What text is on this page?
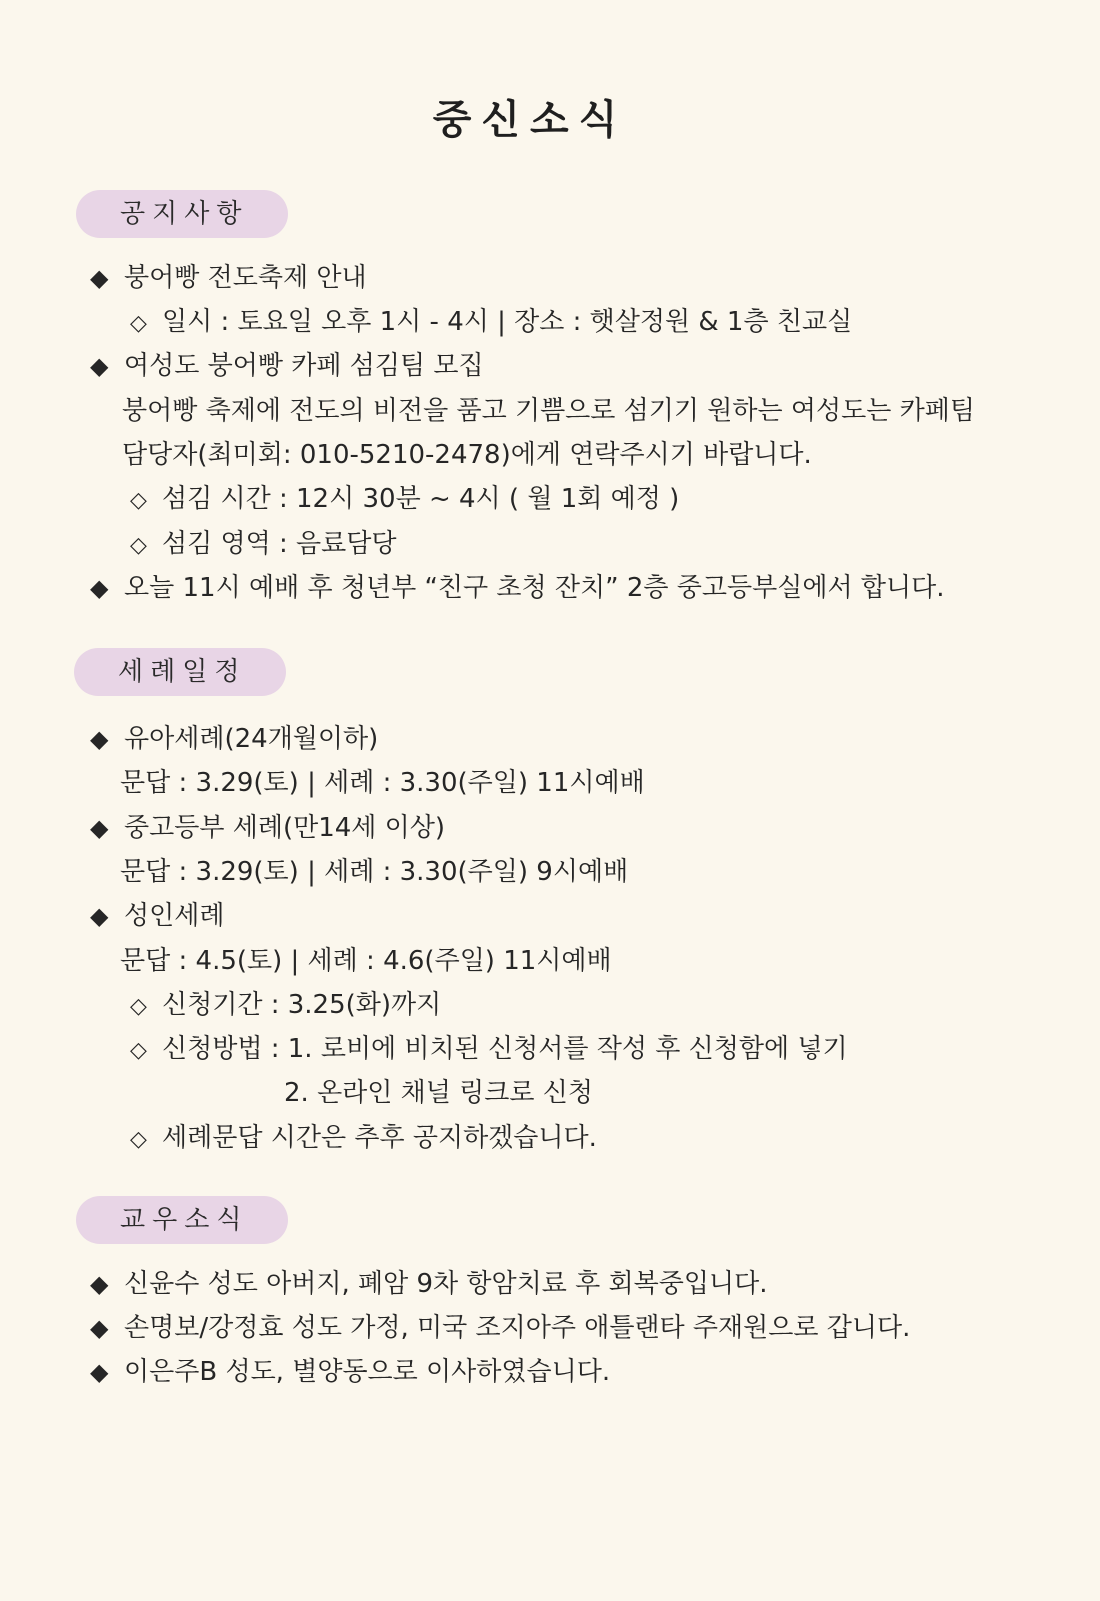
중신소식
공지사항
◆ 붕어빵 전도축제 안내
◇ 일시 : 토요일 오후 1시 - 4시 | 장소 : 햇살정원 & 1층 친교실
◆ 여성도 붕어빵 카페 섬김팀 모집
붕어빵 축제에 전도의 비전을 품고 기쁨으로 섬기기 원하는 여성도는 카페팀
담당자(최미회: 010-5210-2478)에게 연락주시기 바랍니다.
◇ 섬김 시간 : 12시 30분 ~ 4시 ( 월 1회 예정 )
◇ 섬김 영역 : 음료담당
◆ 오늘 11시 예배 후 청년부 “친구 초청 잔치” 2층 중고등부실에서 합니다.
세례일정
◆ 유아세례(24개월이하)
문답 : 3.29(토) | 세례 : 3.30(주일) 11시예배
◆ 중고등부 세례(만14세 이상)
문답 : 3.29(토) | 세례 : 3.30(주일) 9시예배
◆ 성인세례
문답 : 4.5(토) | 세례 : 4.6(주일) 11시예배
◇ 신청기간 : 3.25(화)까지
◇ 신청방법 : 1. 로비에 비치된 신청서를 작성 후 신청함에 넣기
2. 온라인 채널 링크로 신청
◇ 세례문답 시간은 추후 공지하겠습니다.
교우소식
◆ 신윤수 성도 아버지, 폐암 9차 항암치료 후 회복중입니다.
◆ 손명보/강정효 성도 가정, 미국 조지아주 애틀랜타 주재원으로 갑니다.
◆ 이은주B 성도, 별양동으로 이사하였습니다.
